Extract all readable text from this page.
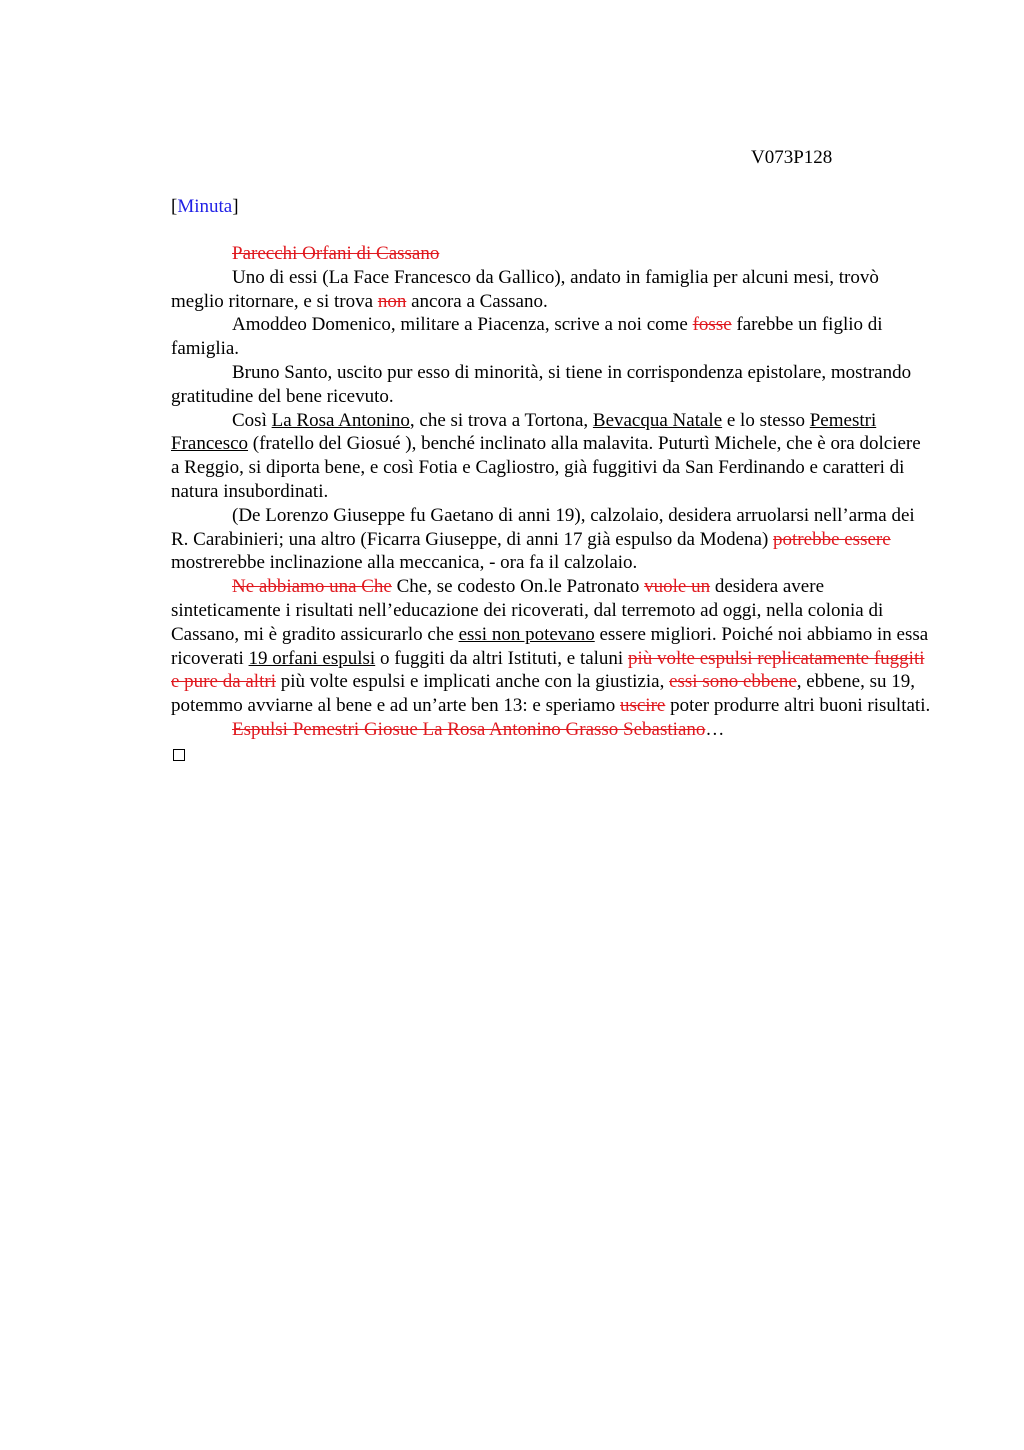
V073P128
[Minuta]

Parecchi Orfani di Cassano

Uno di essi (La Face Francesco da Gallico), andato in famiglia per alcuni mesi, trovò meglio ritornare, e si trova non ancora a Cassano.

Amoddeo Domenico, militare a Piacenza, scrive a noi come fosse farebbe un figlio di famiglia.

Bruno Santo, uscito pur esso di minorità, si tiene in corrispondenza epistolare, mostrando gratitudine del bene ricevuto.

Così La Rosa Antonino, che si trova a Tortona, Bevacqua Natale e lo stesso Pemestri Francesco (fratello del Giosué ), benché inclinato alla malavita. Puturtì Michele, che è ora dolciere a Reggio, si diporta bene, e così Fotia e Cagliostro, già fuggitivi da San Ferdinando e caratteri di natura insubordinati.

(De Lorenzo Giuseppe fu Gaetano di anni 19), calzolaio, desidera arruolarsi nell’arma dei R. Carabinieri; una altro (Ficarra Giuseppe, di anni 17 già espulso da Modena) potrebbe essere mostrerebbe inclinazione alla meccanica, - ora fa il calzolaio.

Ne abbiamo una Che Che, se codesto On.le Patronato vuole un desidera avere sinteticamente i risultati nell’educazione dei ricoverati, dal terremoto ad oggi, nella colonia di Cassano, mi è gradito assicurarlo che essi non potevano essere migliori. Poiché noi abbiamo in essa ricoverati 19 orfani espulsi o fuggiti da altri Istituti, e taluni più volte espulsi replicatamente fuggiti e pure da altri più volte espulsi e implicati anche con la giustizia, essi sono ebbene, ebbene, su 19, potemmo avviarne al bene e ad un’arte ben 13: e speriamo uscire poter produrre altri buoni risultati.

Espulsi Pemestri Giosue La Rosa Antonino Grasso Sebastiano…
